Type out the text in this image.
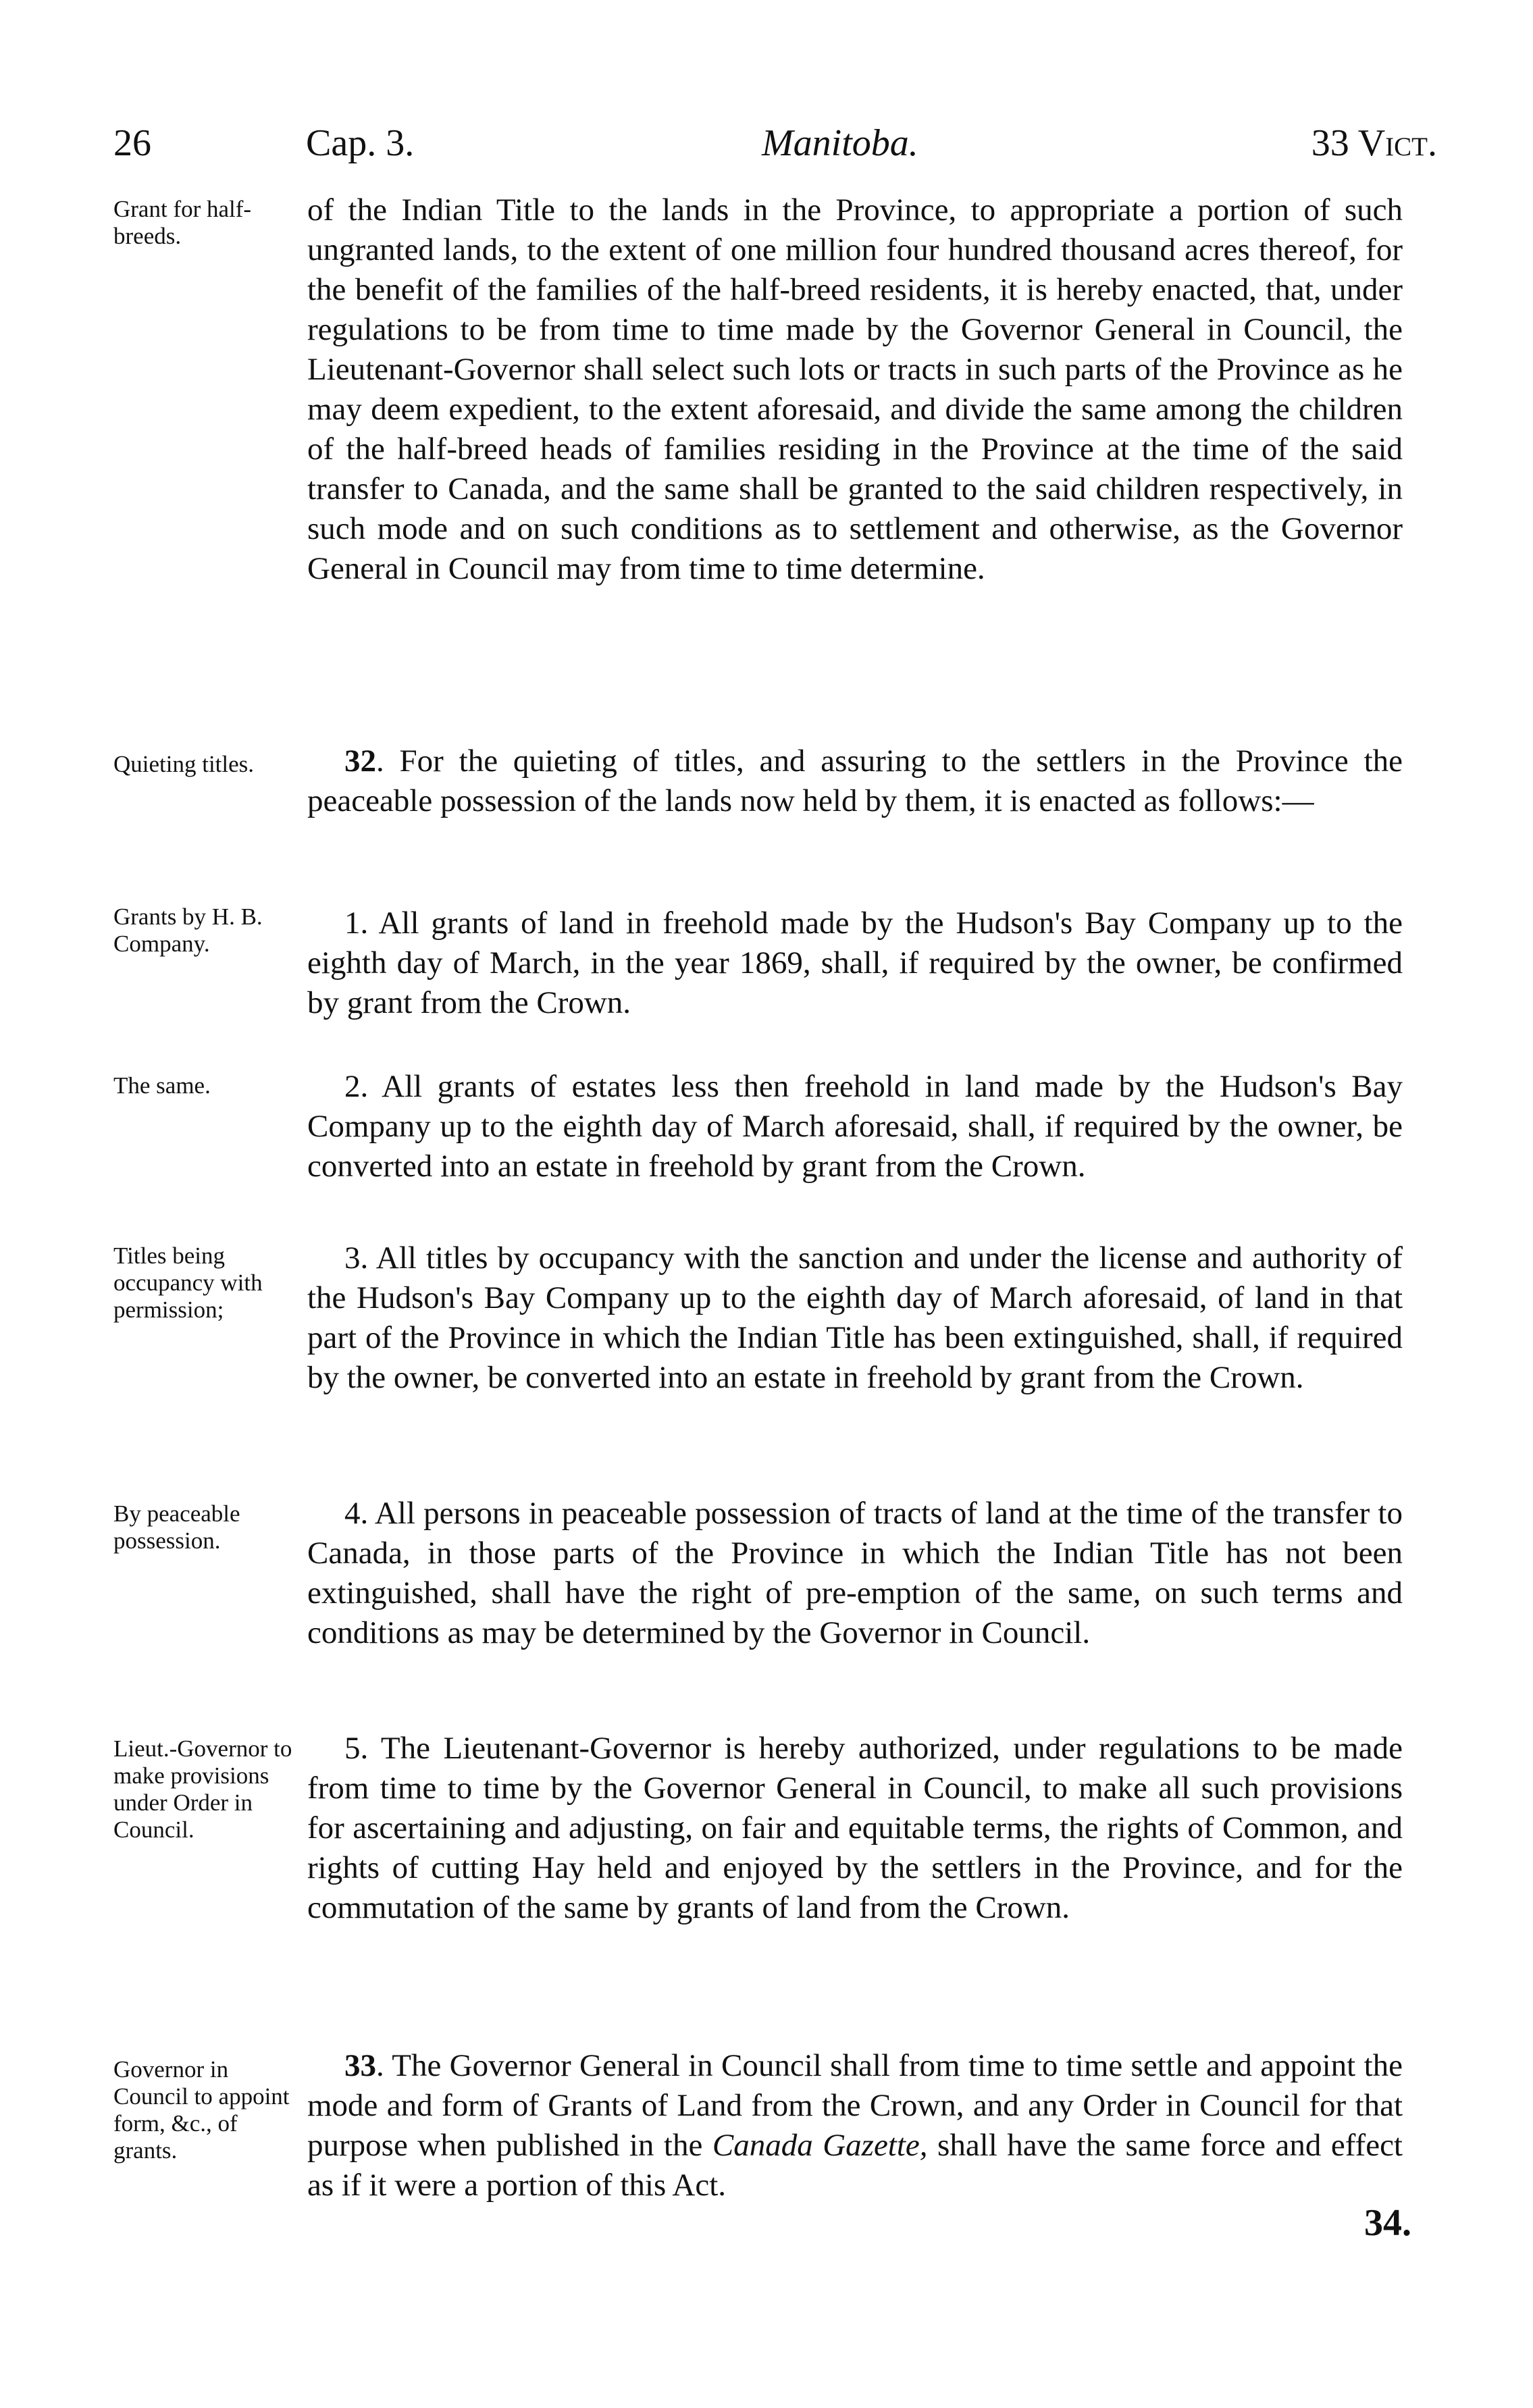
26	Cap. 3.	Manitoba.	33 Vict.
Grant for half-breeds.

of the Indian Title to the lands in the Province, to appropriate a portion of such ungranted lands, to the extent of one million four hundred thousand acres thereof, for the benefit of the families of the half-breed residents, it is hereby enacted, that, under regulations to be from time to time made by the Governor General in Council, the Lieutenant-Governor shall select such lots or tracts in such parts of the Province as he may deem expedient, to the extent aforesaid, and divide the same among the children of the half-breed heads of families residing in the Province at the time of the said transfer to Canada, and the same shall be granted to the said children respectively, in such mode and on such conditions as to settlement and otherwise, as the Governor General in Council may from time to time determine.

Quieting titles.	32. For the quieting of titles, and assuring to the settlers in the Province the peaceable possession of the lands now held by them, it is enacted as follows:—

Grants by H. B. Company.

1. All grants of land in freehold made by the Hudson's Bay Company up to the eighth day of March, in the year 1869, shall, if required by the owner, be confirmed by grant from the Crown.

The same.	2. All grants of estates less then freehold in land made by the Hudson's Bay Company up to the eighth day of March aforesaid, shall, if required by the owner, be converted into an estate in freehold by grant from the Crown.

Titles being occupancy with permission;

3. All titles by occupancy with the sanction and under the license and authority of the Hudson's Bay Company up to the eighth day of March aforesaid, of land in that part of the Province in which the Indian Title has been extinguished, shall, if required by the owner, be converted into an estate in freehold by grant from the Crown.

By peaceable possession.

4. All persons in peaceable possession of tracts of land at the time of the transfer to Canada, in those parts of the Province in which the Indian Title has not been extinguished, shall have the right of pre-emption of the same, on such terms and conditions as may be determined by the Governor in Council.

Lieut.-Governor to make provisions under Order in Council.

5. The Lieutenant-Governor is hereby authorized, under regulations to be made from time to time by the Governor General in Council, to make all such provisions for ascertaining and adjusting, on fair and equitable terms, the rights of Common, and rights of cutting Hay held and enjoyed by the settlers in the Province, and for the commutation of the same by grants of land from the Crown.

Governor in Council to appoint form, &c., of grants.

33. The Governor General in Council shall from time to time settle and appoint the mode and form of Grants of Land from the Crown, and any Order in Council for that purpose when published in the Canada Gazette, shall have the same force and effect as if it were a portion of this Act.

34.
